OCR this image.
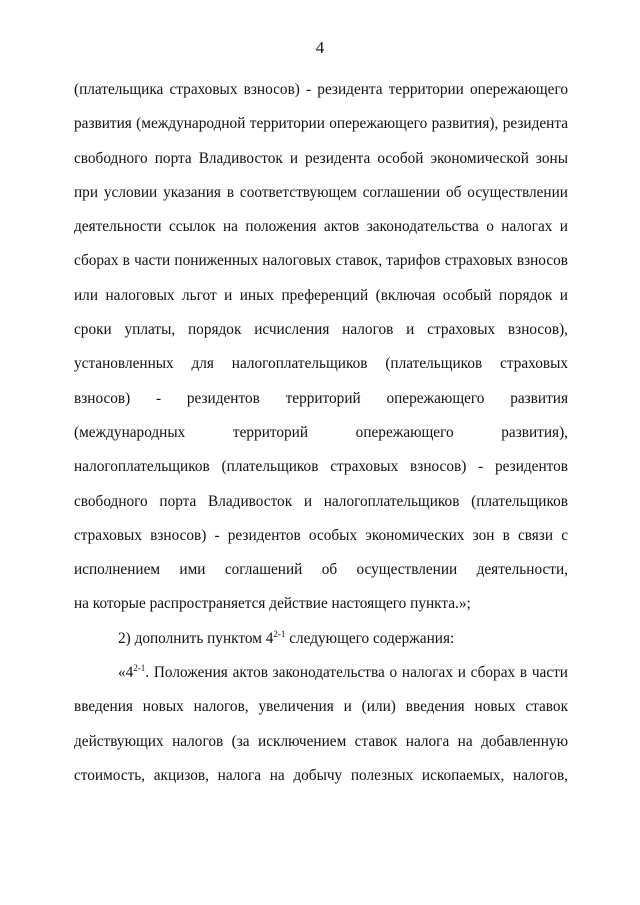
4
(плательщика страховых взносов) - резидента территории опережающего
развития (международной территории опережающего развития), резидента
свободного порта Владивосток и резидента особой экономической зоны
при условии указания в соответствующем соглашении об осуществлении
деятельности ссылок на положения актов законодательства о налогах и
сборах в части пониженных налоговых ставок, тарифов страховых взносов
или налоговых льгот и иных преференций (включая особый порядок и
сроки уплаты, порядок исчисления налогов и страховых взносов),
установленных для налогоплательщиков (плательщиков страховых
взносов) - резидентов территорий опережающего развития
(международных территорий опережающего развития),
налогоплательщиков (плательщиков страховых взносов) - резидентов
свободного порта Владивосток и налогоплательщиков (плательщиков
страховых взносов) - резидентов особых экономических зон в связи с
исполнением ими соглашений об осуществлении деятельности,
на которые распространяется действие настоящего пункта.»;
2) дополнить пунктом 4$^{2-1}$ следующего содержания:
«4$^{2-1}$. Положения актов законодательства о налогах и сборах в части
введения новых налогов, увеличения и (или) введения новых ставок
действующих налогов (за исключением ставок налога на добавленную
стоимость, акцизов, налога на добычу полезных ископаемых, налогов,
